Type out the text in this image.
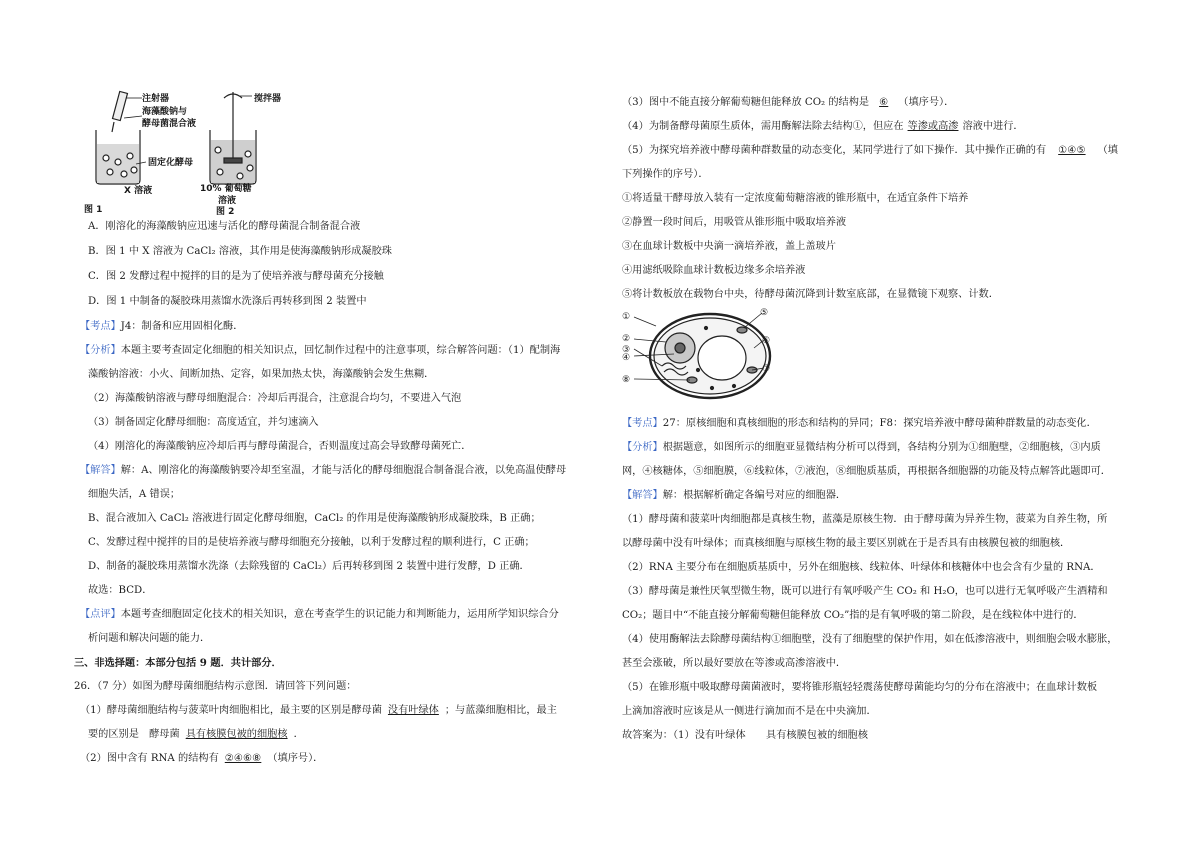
注射器
海藻酸钠与
酵母菌混合液
固定化酵母
X 溶液
图 1
搅拌器
10% 葡萄糖
溶液
图 2
A．刚溶化的海藻酸钠应迅速与活化的酵母菌混合制备混合液
B．图 1 中 X 溶液为 CaCl₂ 溶液，其作用是使海藻酸钠形成凝胶珠
C．图 2 发酵过程中搅拌的目的是为了使培养液与酵母菌充分接触
D．图 1 中制备的凝胶珠用蒸馏水洗涤后再转移到图 2 装置中
【考点】J4：制备和应用固相化酶．
【分析】本题主要考查固定化细胞的相关知识点，回忆制作过程中的注意事项，综合解答问题：（1）配制海
藻酸钠溶液：小火、间断加热、定容，如果加热太快，海藻酸钠会发生焦糊．
（2）海藻酸钠溶液与酵母细胞混合：冷却后再混合，注意混合均匀，不要进入气泡
（3）制备固定化酵母细胞：高度适宜，并匀速滴入
（4）刚溶化的海藻酸钠应冷却后再与酵母菌混合，否则温度过高会导致酵母菌死亡．
【解答】解：A、刚溶化的海藻酸钠要冷却至室温，才能与活化的酵母细胞混合制备混合液，以免高温使酵母
细胞失活，A 错误；
B、混合液加入 CaCl₂ 溶液进行固定化酵母细胞，CaCl₂ 的作用是使海藻酸钠形成凝胶珠，B 正确；
C、发酵过程中搅拌的目的是使培养液与酵母细胞充分接触，以利于发酵过程的顺利进行，C 正确；
D、制备的凝胶珠用蒸馏水洗涤（去除残留的 CaCl₂）后再转移到图 2 装置中进行发酵，D 正确．
故选：BCD．
【点评】本题考查细胞固定化技术的相关知识，意在考查学生的识记能力和判断能力，运用所学知识综合分
析问题和解决问题的能力．
三、非选择题：本部分包括 9 题．共计部分．
26．（7 分）如图为酵母菌细胞结构示意图．请回答下列问题：
（1）酵母菌细胞结构与菠菜叶肉细胞相比，最主要的区别是酵母菌 没有叶绿体 ；与蓝藻细胞相比，最主
要的区别是　酵母菌 具有核膜包被的细胞核 ．
（2）图中含有 RNA 的结构有 ②④⑥⑧ （填序号）．
（3）图中不能直接分解葡萄糖但能释放 CO₂ 的结构是 ⑥ （填序号）．
（4）为制备酵母菌原生质体，需用酶解法除去结构①，但应在 等渗或高渗 溶液中进行．
（5）为探究培养液中酵母菌种群数量的动态变化，某同学进行了如下操作．其中操作正确的有 ①④⑤ （填
下列操作的序号）．
①将适量干酵母放入装有一定浓度葡萄糖溶液的锥形瓶中，在适宜条件下培养
②静置一段时间后，用吸管从锥形瓶中吸取培养液
③在血球计数板中央滴一滴培养液，盖上盖玻片
④用滤纸吸除血球计数板边缘多余培养液
⑤将计数板放在载物台中央，待酵母菌沉降到计数室底部，在显微镜下观察、计数．
①
②
③
④
⑤
⑥
⑦
⑧
【考点】27：原核细胞和真核细胞的形态和结构的异同；F8：探究培养液中酵母菌种群数量的动态变化．
【分析】根据题意，如图所示的细胞亚显微结构分析可以得到，各结构分别为①细胞壁，②细胞核，③内质
网，④核糖体，⑤细胞膜，⑥线粒体，⑦液泡，⑧细胞质基质，再根据各细胞器的功能及特点解答此题即可．
【解答】解：根据解析确定各编号对应的细胞器．
（1）酵母菌和菠菜叶肉细胞都是真核生物，蓝藻是原核生物．由于酵母菌为异养生物，菠菜为自养生物，所
以酵母菌中没有叶绿体；而真核细胞与原核生物的最主要区别就在于是否具有由核膜包被的细胞核．
（2）RNA 主要分布在细胞质基质中，另外在细胞核、线粒体、叶绿体和核糖体中也会含有少量的 RNA．
（3）酵母菌是兼性厌氧型微生物，既可以进行有氧呼吸产生 CO₂ 和 H₂O，也可以进行无氧呼吸产生酒精和
CO₂；题目中“不能直接分解葡萄糖但能释放 CO₂”指的是有氧呼吸的第二阶段，是在线粒体中进行的．
（4）使用酶解法去除酵母菌结构①细胞壁，没有了细胞壁的保护作用，如在低渗溶液中，则细胞会吸水膨胀，
甚至会涨破，所以最好要放在等渗或高渗溶液中．
（5）在锥形瓶中吸取酵母菌菌液时，要将锥形瓶轻轻震荡使酵母菌能均匀的分布在溶液中；在血球计数板
上滴加溶液时应该是从一侧进行滴加而不是在中央滴加．
故答案为：（1）没有叶绿体　　具有核膜包被的细胞核
